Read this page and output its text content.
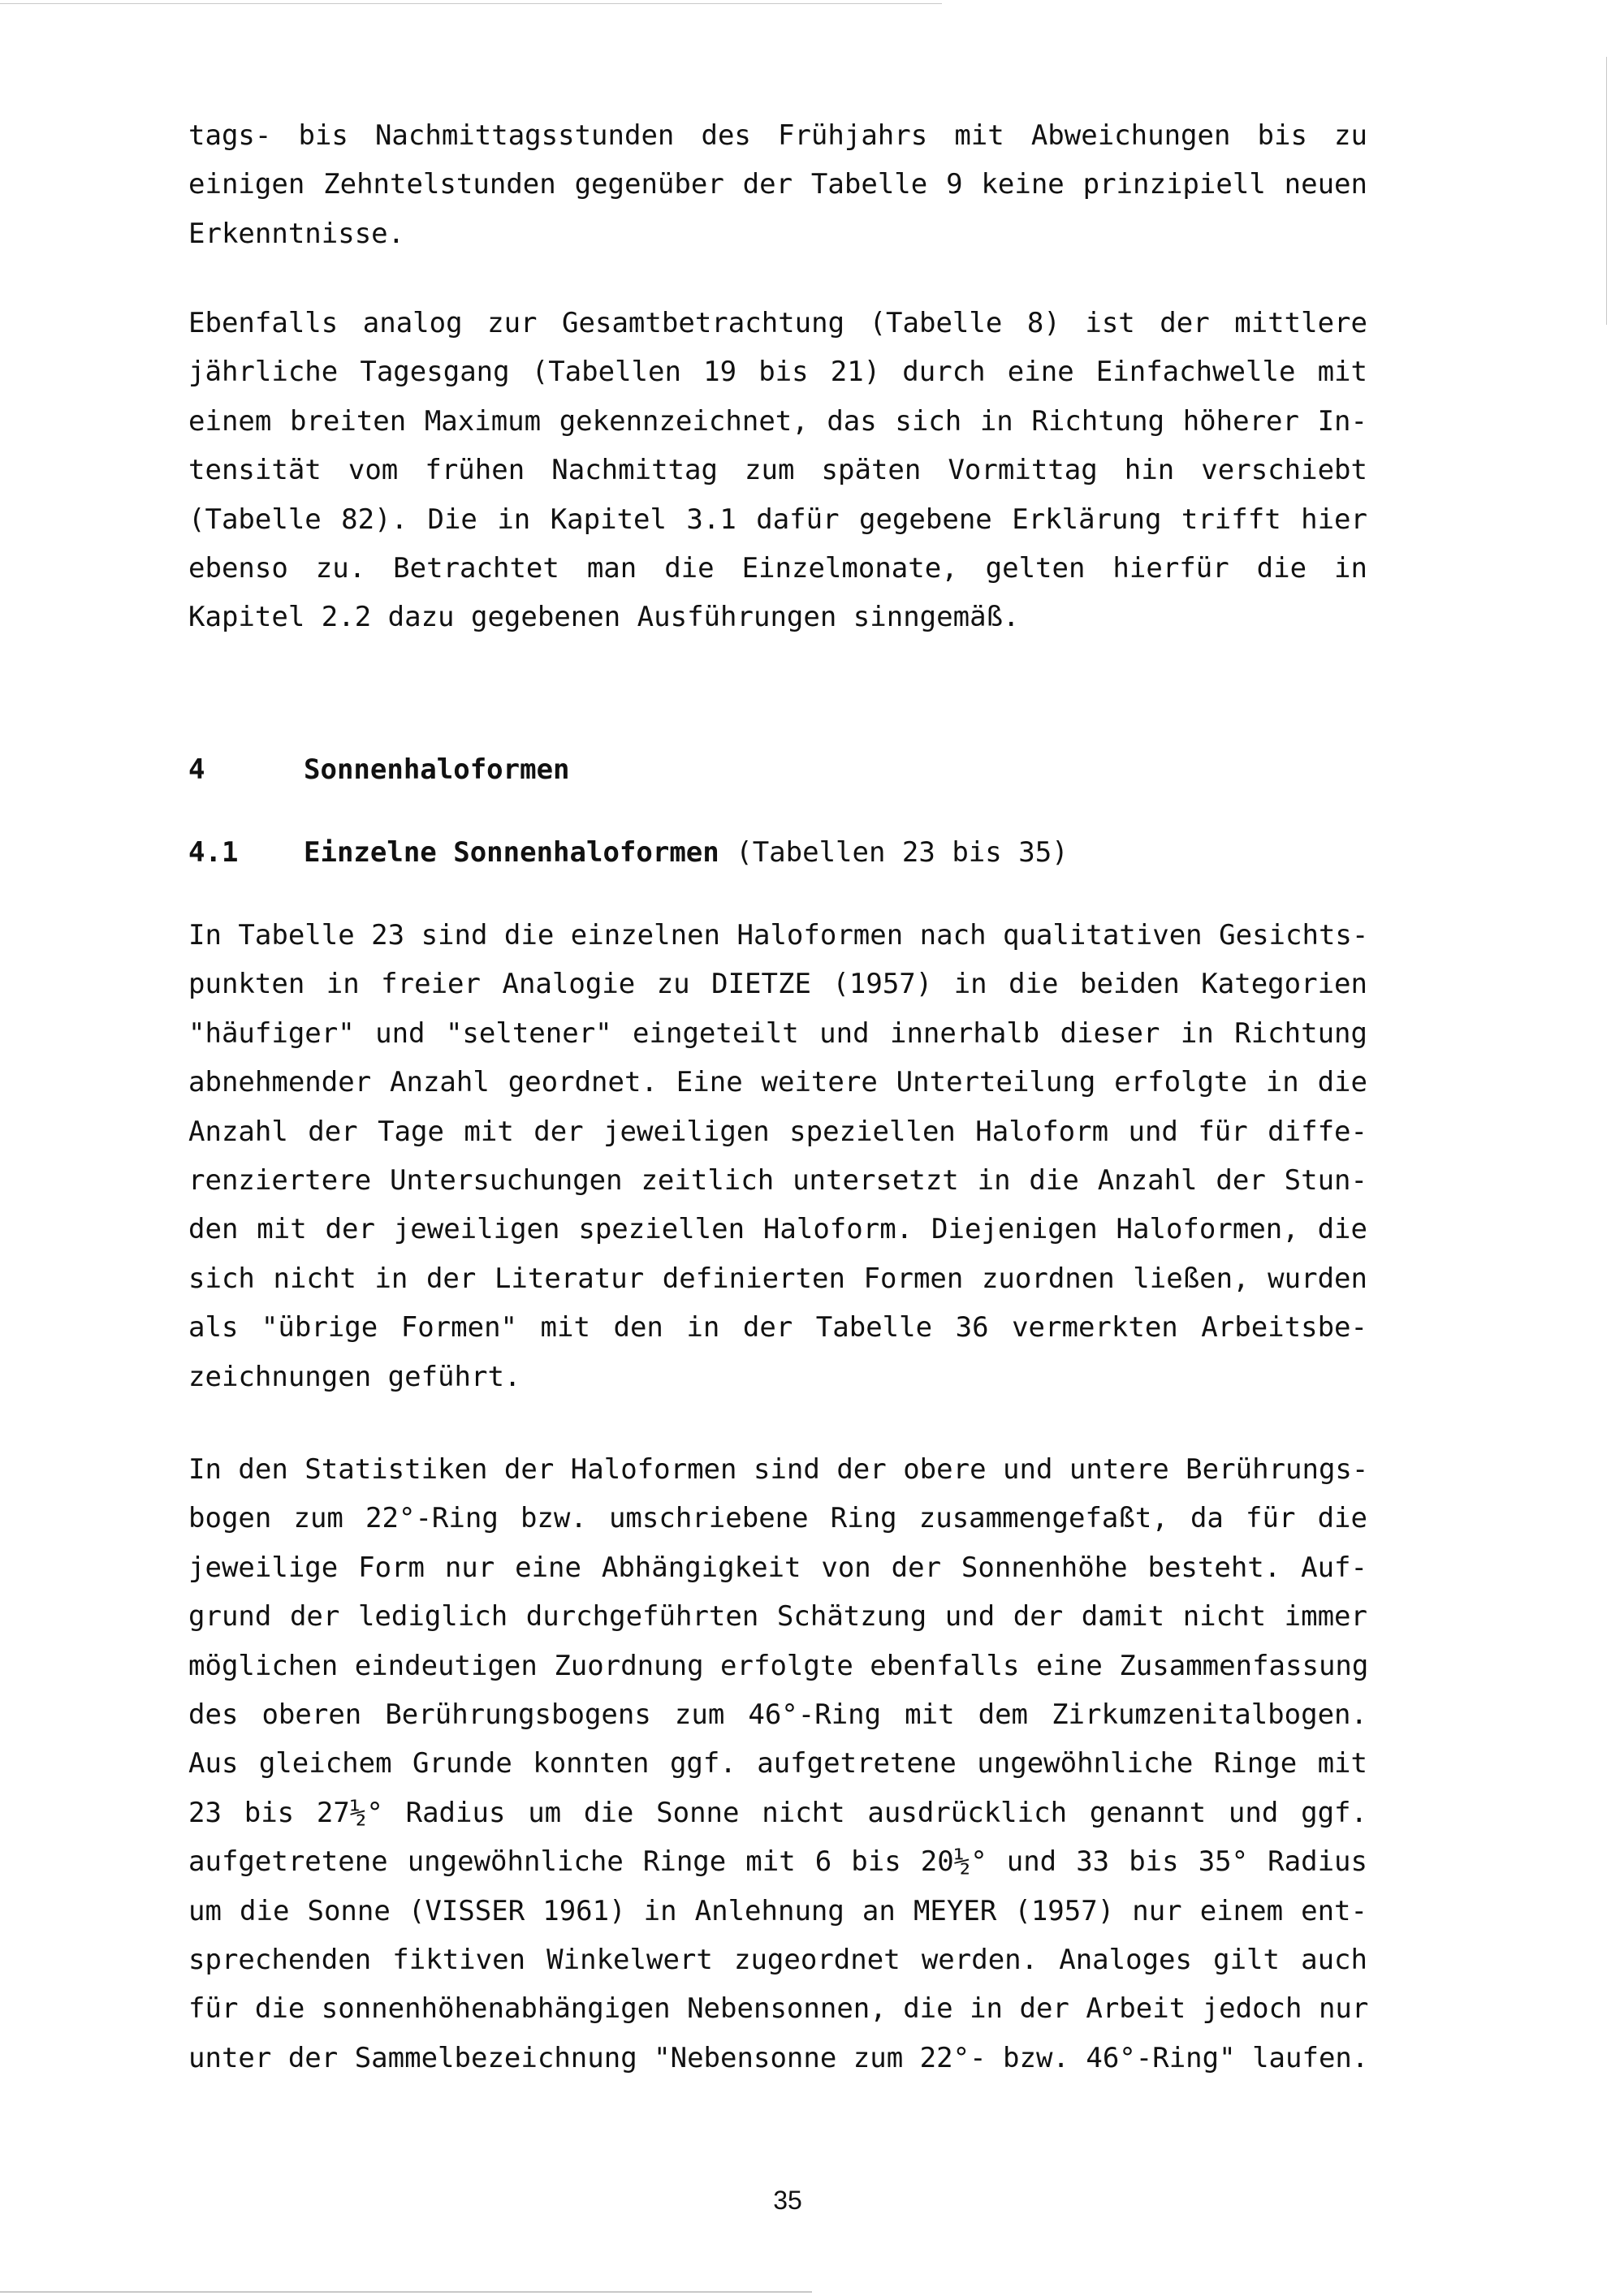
tags- bis Nachmittagsstunden des Frühjahrs mit Abweichungen bis zu
einigen Zehntelstunden gegenüber der Tabelle 9 keine prinzipiell neuen
Erkenntnisse.
Ebenfalls analog zur Gesamtbetrachtung (Tabelle 8) ist der mittlere
jährliche Tagesgang (Tabellen 19 bis 21) durch eine Einfachwelle mit
einem breiten Maximum gekennzeichnet, das sich in Richtung höherer In-
tensität vom frühen Nachmittag zum späten Vormittag hin verschiebt
(Tabelle 82). Die in Kapitel 3.1 dafür gegebene Erklärung trifft hier
ebenso zu. Betrachtet man die Einzelmonate, gelten hierfür die in
Kapitel 2.2 dazu gegebenen Ausführungen sinngemäß.
4	Sonnenhaloformen
4.1 Einzelne Sonnenhaloformen (Tabellen 23 bis 35)
In Tabelle 23 sind die einzelnen Haloformen nach qualitativen Gesichts-
punkten in freier Analogie zu DIETZE (1957) in die beiden Kategorien
"häufiger" und "seltener" eingeteilt und innerhalb dieser in Richtung
abnehmender Anzahl geordnet. Eine weitere Unterteilung erfolgte in die
Anzahl der Tage mit der jeweiligen speziellen Haloform und für diffe-
renziertere Untersuchungen zeitlich untersetzt in die Anzahl der Stun-
den mit der jeweiligen speziellen Haloform. Diejenigen Haloformen, die
sich nicht in der Literatur definierten Formen zuordnen ließen, wurden
als "übrige Formen" mit den in der Tabelle 36 vermerkten Arbeitsbe-
zeichnungen geführt.
In den Statistiken der Haloformen sind der obere und untere Berührungs-
bogen zum 22°-Ring bzw. umschriebene Ring zusammengefaßt, da für die
jeweilige Form nur eine Abhängigkeit von der Sonnenhöhe besteht. Auf-
grund der lediglich durchgeführten Schätzung und der damit nicht immer
möglichen eindeutigen Zuordnung erfolgte ebenfalls eine Zusammenfassung
des oberen Berührungsbogens zum 46°-Ring mit dem Zirkumzenitalbogen.
Aus gleichem Grunde konnten ggf. aufgetretene ungewöhnliche Ringe mit
23 bis 27½° Radius um die Sonne nicht ausdrücklich genannt und ggf.
aufgetretene ungewöhnliche Ringe mit 6 bis 20½° und 33 bis 35° Radius
um die Sonne (VISSER 1961) in Anlehnung an MEYER (1957) nur einem ent-
sprechenden fiktiven Winkelwert zugeordnet werden. Analoges gilt auch
für die sonnenhöhenabhängigen Nebensonnen, die in der Arbeit jedoch nur
unter der Sammelbezeichnung "Nebensonne zum 22°- bzw. 46°-Ring" laufen.
35
